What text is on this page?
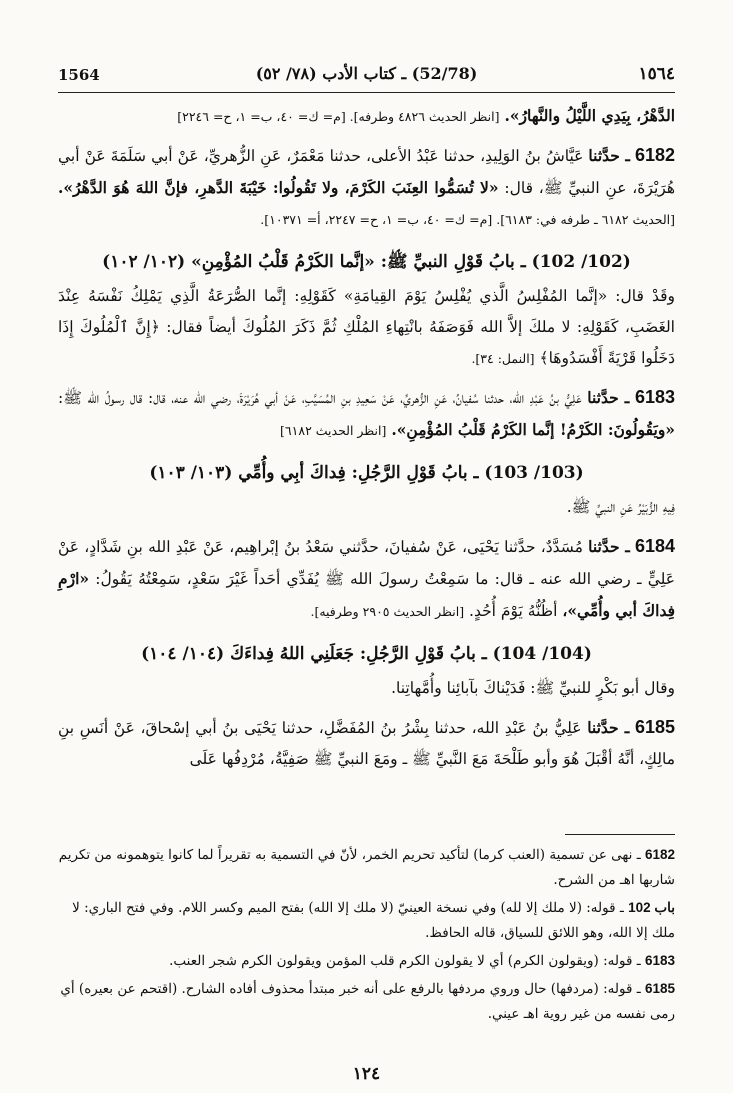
1564	(52/78) ـ كتاب الأدب (٧٨/ ٥٢)	١٥٦٤

الدَّهْرُ، بِيَدِي اللَّيْلُ والنَّهارُ». [انظر الحديث ٤٨٢٦ وطرفه]. [م= ك= ٤٠، ب= ١، ح= ٢٢٤٦]

6182 ـ حدَّثنا عَيَّاشُ بنُ الوَلِيدِ، حدثنا عَبْدُ الأعلى، حدثنا مَعْمَرٌ، عَنِ الزُّهريِّ، عَنْ أبي سَلَمَةَ عَنْ أبي هُرَيْرَةَ، عنِ النبيِّ ﷺ، قال: «لا تُسَمُّوا العِنَبَ الكَرْمَ، ولا تَقُولُوا: خَيْبَةَ الدَّهرِ، فإنَّ اللهَ هُوَ الدَّهْرُ». [الحديث ٦١٨٢ ـ طرفه في: ٦١٨٣]. [م= ك= ٤٠، ب= ١، ح= ٢٢٤٧، أ= ١٠٣٧١].

(102/ 102) ـ بابُ قَوْلِ النبيِّ ﷺ: «إنَّما الكَرْمُ قَلْبُ المُؤْمِنِ» (١٠٢/ ١٠٢)

وقَدْ قال: «إنَّما المُفْلِسُ الَّذي يُفْلِسُ يَوْمَ القِيامَةِ» كَقَوْلِهِ: إنَّما الصُّرَعَةُ الَّذِي يَمْلِكُ نَفْسَهُ عِنْدَ الغَضَبِ، كَقَوْلِهِ: لا ملكَ إلاَّ الله فَوَصَفَهُ بانْتِهاءِ المُلْكِ ثُمَّ ذَكَرَ المُلُوكَ أيضاً فقال: ﴿إِنَّ ٱلْمُلُوكَ إِذَا دَخَلُوا قَرْيَةً أَفْسَدُوهَا﴾ [النمل: ٣٤].

6183 ـ حدَّثنا عَلِيُّ بنُ عَبْدِ الله، حدثنا سُفيانُ، عَنِ الزُّهريِّ، عَنْ سَعِيدِ بنِ المُسَيَّبِ، عَنْ أبي هُرَيْرَةَ، رضي الله عنه، قال: قال رسولُ الله ﷺ: «ويَقُولُونَ: الكَرْمُ! إنَّما الكَرْمُ قَلْبُ المُؤْمِنِ». [انظر الحديث ٦١٨٢]

(103/ 103) ـ بابُ قَوْلِ الرَّجُلِ: فِداكَ أبِي وأُمِّي (١٠٣/ ١٠٣)

فِيهِ الزُّبَيْرُ عَنِ النبيِّ ﷺ.

6184 ـ حدَّثنا مُسَدَّدٌ، حدَّثنا يَحْيَى، عَنْ سُفيانَ، حدَّثني سَعْدُ بنُ إبْراهِيم، عَنْ عَبْدِ الله بنِ شَدَّادٍ، عَنْ عَلِيٍّ ـ رضي الله عنه ـ قال: ما سَمِعْتُ رسولَ الله ﷺ يُفَدِّي أحَداً غَيْرَ سَعْدٍ، سَمِعْتُهُ يَقُولُ: «ارْمِ فِداكَ أبي وأُمِّي»، أظُنُّهُ يَوْمَ أُحُدٍ. [انظر الحديث ٢٩٠٥ وطرفيه].

(104/ 104) ـ بابُ قَوْلِ الرَّجُلِ: جَعَلَنِي اللهُ فِداءَكَ (١٠٤/ ١٠٤)

وقال أبو بَكْرٍ للنبيِّ ﷺ: فَدَيْناكَ بآبائِنا وأُمَّهاتِنا.

6185 ـ حدَّثنا عَلِيُّ بنُ عَبْدِ الله، حدثنا بِشْرُ بنُ المُفَضَّلِ، حدثنا يَحْيَى بنُ أبي إسْحاقَ، عَنْ أنَسِ بنِ مالِكٍ، أنَّهُ أقْبَلَ هُوَ وأبو طَلْحَةَ مَعَ النَّبيِّ ﷺ ـ ومَعَ النبيِّ ﷺ صَفِيَّةُ، مُرْدِفُها عَلَى

6182 ـ نهى عن تسمية (العنب كرما) لتأكيد تحريم الخمر، لأنّ في التسمية به تقريراً لما كانوا يتوهمونه من تكريم شاربها اهـ من الشرح.

باب 102 ـ قوله: (لا ملك إلا لله) وفي نسخة العينيّ (لا ملك إلا الله) بفتح الميم وكسر اللام. وفي فتح الباري: لا ملك إلا الله، وهو اللائق للسياق، قاله الحافظ.

6183 ـ قوله: (ويقولون الكرم) أي لا يقولون الكرم قلب المؤمن ويقولون الكرم شجر العنب.

6185 ـ قوله: (مردفها) حال وروي مردفها بالرفع على أنه خبر مبتدأ محذوف أفاده الشارح. (اقتحم عن بعيره) أي رمى نفسه من غير روية اهـ عيني.

١٢٤
